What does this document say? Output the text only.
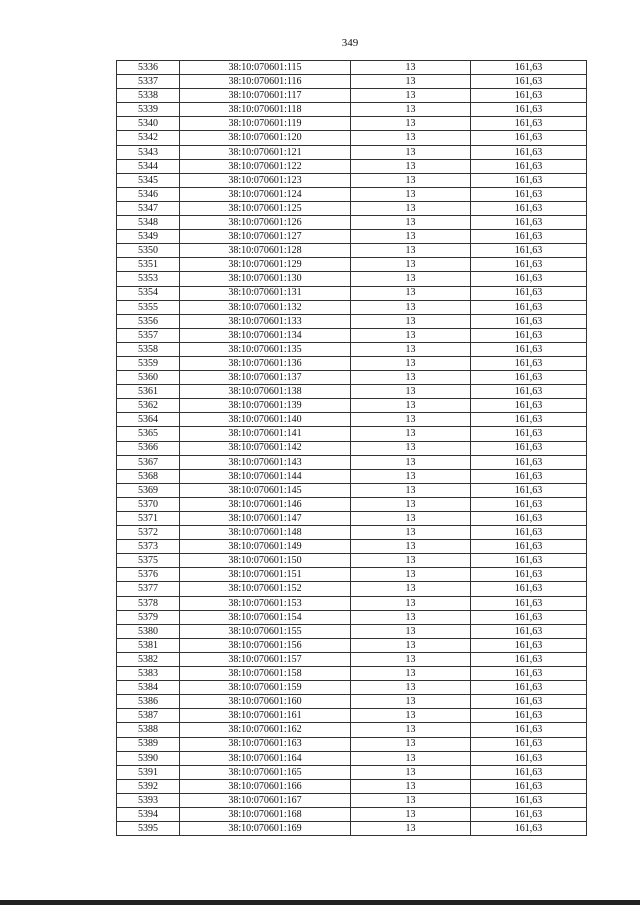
349
5336	38:10:070601:115	13	161,63
5337	38:10:070601:116	13	161,63
5338	38:10:070601:117	13	161,63
5339	38:10:070601:118	13	161,63
5340	38:10:070601:119	13	161,63
5342	38:10:070601:120	13	161,63
5343	38:10:070601:121	13	161,63
5344	38:10:070601:122	13	161,63
5345	38:10:070601:123	13	161,63
5346	38:10:070601:124	13	161,63
5347	38:10:070601:125	13	161,63
5348	38:10:070601:126	13	161,63
5349	38:10:070601:127	13	161,63
5350	38:10:070601:128	13	161,63
5351	38:10:070601:129	13	161,63
5353	38:10:070601:130	13	161,63
5354	38:10:070601:131	13	161,63
5355	38:10:070601:132	13	161,63
5356	38:10:070601:133	13	161,63
5357	38:10:070601:134	13	161,63
5358	38:10:070601:135	13	161,63
5359	38:10:070601:136	13	161,63
5360	38:10:070601:137	13	161,63
5361	38:10:070601:138	13	161,63
5362	38:10:070601:139	13	161,63
5364	38:10:070601:140	13	161,63
5365	38:10:070601:141	13	161,63
5366	38:10:070601:142	13	161,63
5367	38:10:070601:143	13	161,63
5368	38:10:070601:144	13	161,63
5369	38:10:070601:145	13	161,63
5370	38:10:070601:146	13	161,63
5371	38:10:070601:147	13	161,63
5372	38:10:070601:148	13	161,63
5373	38:10:070601:149	13	161,63
5375	38:10:070601:150	13	161,63
5376	38:10:070601:151	13	161,63
5377	38:10:070601:152	13	161,63
5378	38:10:070601:153	13	161,63
5379	38:10:070601:154	13	161,63
5380	38:10:070601:155	13	161,63
5381	38:10:070601:156	13	161,63
5382	38:10:070601:157	13	161,63
5383	38:10:070601:158	13	161,63
5384	38:10:070601:159	13	161,63
5386	38:10:070601:160	13	161,63
5387	38:10:070601:161	13	161,63
5388	38:10:070601:162	13	161,63
5389	38:10:070601:163	13	161,63
5390	38:10:070601:164	13	161,63
5391	38:10:070601:165	13	161,63
5392	38:10:070601:166	13	161,63
5393	38:10:070601:167	13	161,63
5394	38:10:070601:168	13	161,63
5395	38:10:070601:169	13	161,63
